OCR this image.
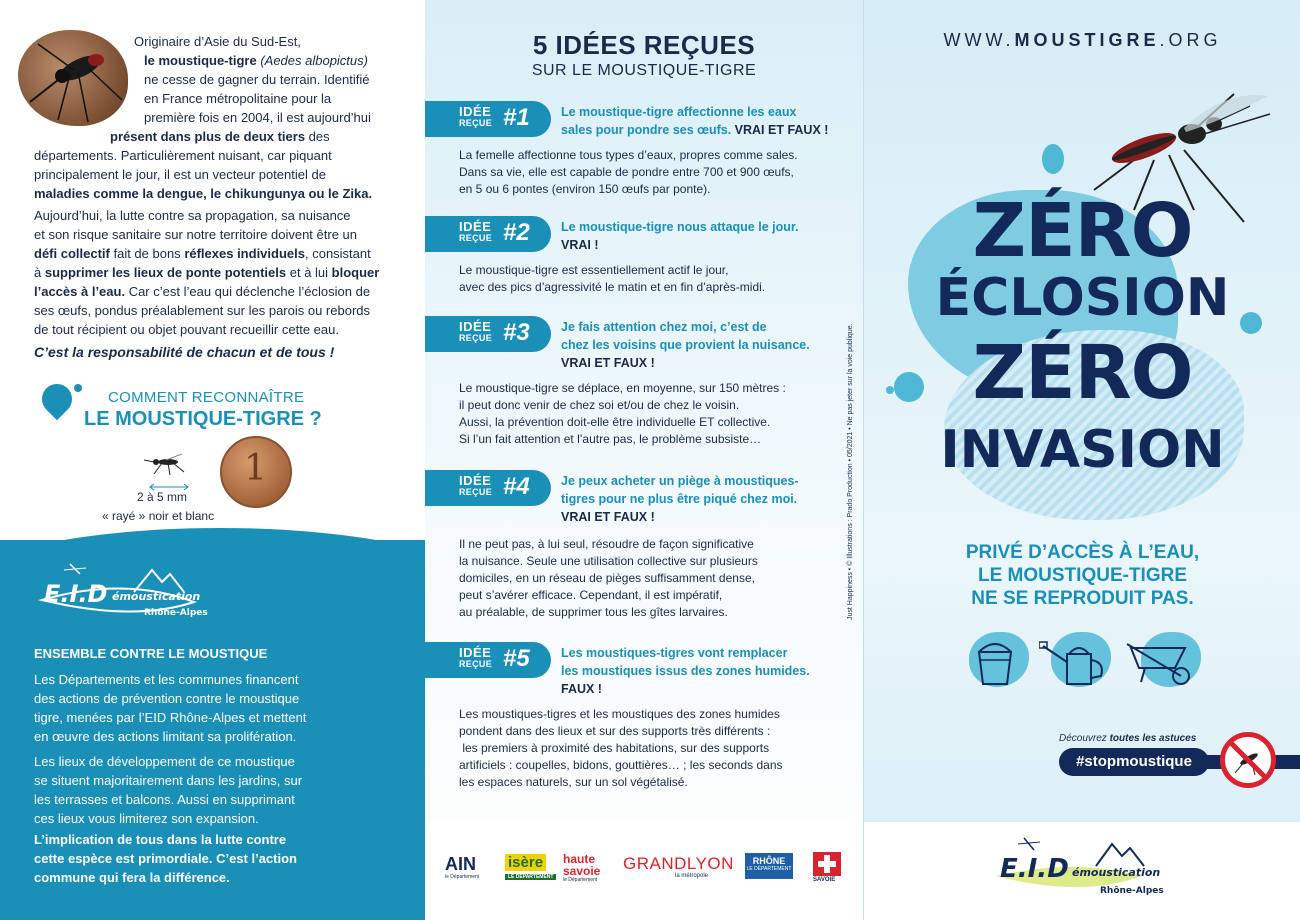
Originaire d’Asie du Sud-Est,
le moustique-tigre (Aedes albopictus)
ne cesse de gagner du terrain. Identifié
en France métropolitaine pour la
première fois en 2004, il est aujourd’hui
présent dans plus de deux tiers des
départements. Particulièrement nuisant, car piquant
principalement le jour, il est un vecteur potentiel de
maladies comme la dengue, le chikungunya ou le Zika.
Aujourd’hui, la lutte contre sa propagation, sa nuisance
et son risque sanitaire sur notre territoire doivent être un
défi collectif fait de bons réflexes individuels, consistant
à supprimer les lieux de ponte potentiels et à lui bloquer
l’accès à l’eau. Car c’est l’eau qui déclenche l’éclosion de
ses œufs, pondus préalablement sur les parois ou rebords
de tout récipient ou objet pouvant recueillir cette eau.
C’est la responsabilité de chacun et de tous !
COMMENT RECONNAÎTRE
LE MOUSTIQUE-TIGRE ?
2 à 5 mm
« rayé » noir et blanc
1
E.I.D émoustication
Rhône-Alpes
ENSEMBLE CONTRE LE MOUSTIQUE
Les Départements et les communes financent
des actions de prévention contre le moustique
tigre, menées par l’EID Rhône-Alpes et mettent
en œuvre des actions limitant sa prolifération.
Les lieux de développement de ce moustique
se situent majoritairement dans les jardins, sur
les terrasses et balcons. Aussi en supprimant
ces lieux vous limiterez son expansion.
L’implication de tous dans la lutte contre
cette espèce est primordiale. C’est l’action
commune qui fera la différence.
5 IDÉES REÇUES
SUR LE MOUSTIQUE-TIGRE
IDÉE
REÇUE #1	Le moustique-tigre affectionne les eaux
sales pour pondre ses œufs. VRAI ET FAUX !
La femelle affectionne tous types d’eaux, propres comme sales.
Dans sa vie, elle est capable de pondre entre 700 et 900 œufs,
en 5 ou 6 pontes (environ 150 œufs par ponte).
IDÉE
REÇUE #2	Le moustique-tigre nous attaque le jour.
VRAI !
Le moustique-tigre est essentiellement actif le jour,
avec des pics d’agressivité le matin et en fin d’après-midi.
IDÉE
REÇUE #3	Je fais attention chez moi, c’est de
chez les voisins que provient la nuisance.
VRAI ET FAUX !
Le moustique-tigre se déplace, en moyenne, sur 150 mètres :
il peut donc venir de chez soi et/ou de chez le voisin.
Aussi, la prévention doit-elle être individuelle ET collective.
Si l’un fait attention et l’autre pas, le problème subsiste…
IDÉE
REÇUE #4	Je peux acheter un piège à moustiques-
tigres pour ne plus être piqué chez moi.
VRAI ET FAUX !
Il ne peut pas, à lui seul, résoudre de façon significative
la nuisance. Seule une utilisation collective sur plusieurs
domiciles, en un réseau de pièges suffisamment dense,
peut s’avérer efficace. Cependant, il est impératif,
au préalable, de supprimer tous les gîtes larvaires.
IDÉE
REÇUE #5	Les moustiques-tigres vont remplacer
les moustiques issus des zones humides.
FAUX !
Les moustiques-tigres et les moustiques des zones humides
pondent dans des lieux et sur des supports très différents :
les premiers à proximité des habitations, sur des supports
artificiels : coupelles, bidons, gouttières… ; les seconds dans
les espaces naturels, sur un sol végétalisé.
Just Happiness • © Illustrations : Prado Production • 05/2021 • Ne pas jeter sur la voie publique.
AIN
le Département
isère
LE DÉPARTEMENT
haute
savoie
le Département
GRANDLYON
la métropole
RHÔNE
LE DÉPARTEMENT
SAVOIE
WWW.MOUSTIGRE.ORG
ZÉRO
ÉCLOSION
ZÉRO
INVASION
PRIVÉ D’ACCÈS À L’EAU,
LE MOUSTIQUE-TIGRE
NE SE REPRODUIT PAS.
Découvrez toutes les astuces
#stopmoustique
E.I.D émoustication
Rhône-Alpes
